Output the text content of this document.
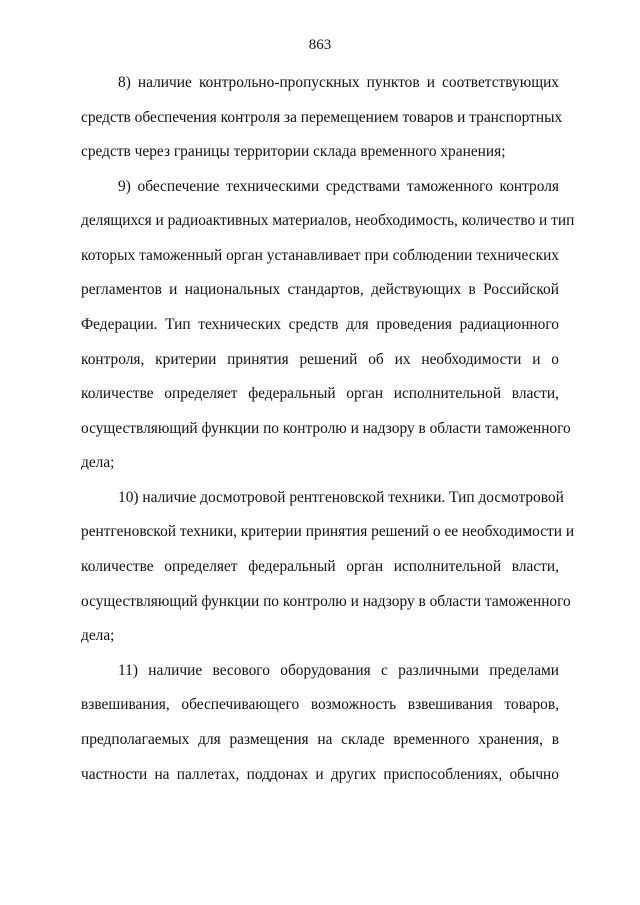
863
8) наличие контрольно-пропускных пунктов и соответствующих
средств обеспечения контроля за перемещением товаров и транспортных
средств через границы территории склада временного хранения;
9) обеспечение техническими средствами таможенного контроля
делящихся и радиоактивных материалов, необходимость, количество и тип
которых таможенный орган устанавливает при соблюдении технических
регламентов и национальных стандартов, действующих в Российской
Федерации. Тип технических средств для проведения радиационного
контроля, критерии принятия решений об их необходимости и о
количестве определяет федеральный орган исполнительной власти,
осуществляющий функции по контролю и надзору в области таможенного
дела;
10) наличие досмотровой рентгеновской техники. Тип досмотровой
рентгеновской техники, критерии принятия решений о ее необходимости и
количестве определяет федеральный орган исполнительной власти,
осуществляющий функции по контролю и надзору в области таможенного
дела;
11) наличие весового оборудования с различными пределами
взвешивания, обеспечивающего возможность взвешивания товаров,
предполагаемых для размещения на складе временного хранения, в
частности на паллетах, поддонах и других приспособлениях, обычно
